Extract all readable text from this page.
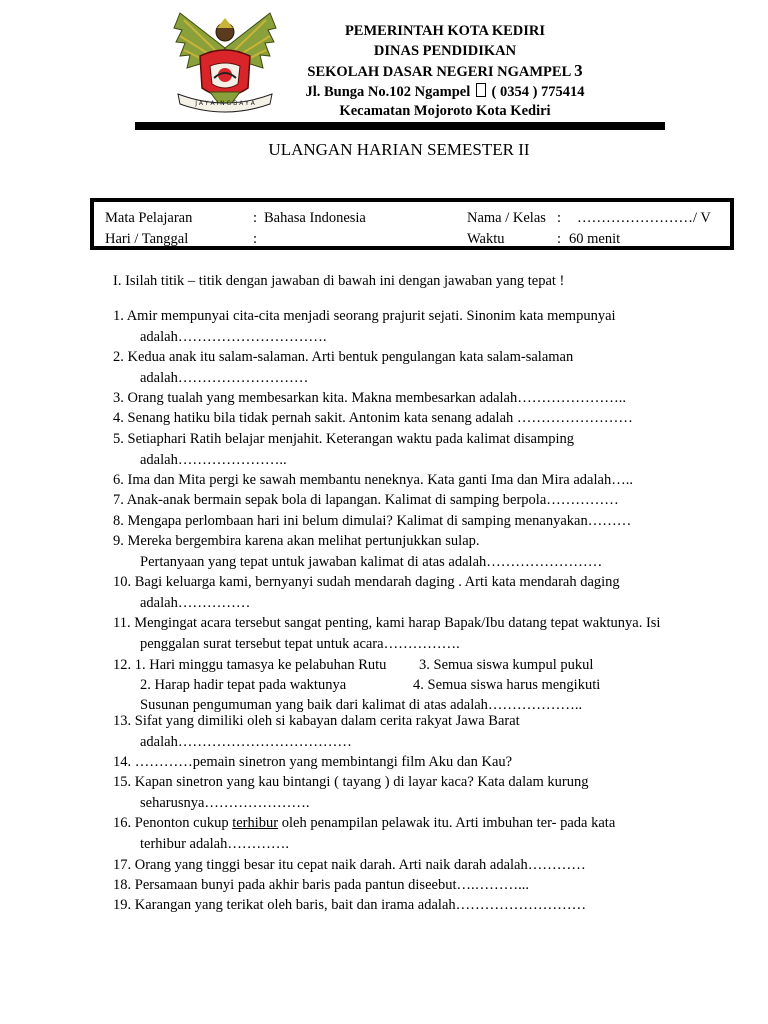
J A Y A I N G B A Y A
PEMERINTAH KOTA KEDIRI
DINAS PENDIDIKAN
SEKOLAH DASAR NEGERI NGAMPEL 3
Jl. Bunga No.102 Ngampel ( 0354 ) 775414
Kecamatan Mojoroto Kota Kediri
ULANGAN HARIAN SEMESTER II
Mata Pelajaran	: Bahasa Indonesia	Nama / Kelas : ……………………/ V
Hari / Tanggal	:	Waktu	: 60 menit
I. Isilah titik – titik dengan jawaban di bawah ini dengan jawaban yang tepat !
1. Amir mempunyai cita-cita menjadi seorang prajurit sejati. Sinonim kata mempunyai
adalah………………………….
2. Kedua anak itu salam-salaman. Arti bentuk pengulangan kata salam-salaman
adalah………………………
3. Orang tualah yang membesarkan kita. Makna membesarkan adalah…………………..
4. Senang hatiku bila tidak pernah sakit. Antonim kata senang adalah ……………………
5. Setiaphari Ratih belajar menjahit. Keterangan waktu pada kalimat disamping
adalah…………………..
6. Ima dan Mita pergi ke sawah membantu neneknya. Kata ganti Ima dan Mira adalah…..
7. Anak-anak bermain sepak bola di lapangan. Kalimat di samping berpola……………
8. Mengapa perlombaan hari ini belum dimulai? Kalimat di samping menanyakan………
9. Mereka bergembira karena akan melihat pertunjukkan sulap.
Pertanyaan yang tepat untuk jawaban kalimat di atas adalah……………………
10. Bagi keluarga kami, bernyanyi sudah mendarah daging . Arti kata mendarah daging
adalah……………
11. Mengingat acara tersebut sangat penting, kami harap Bapak/Ibu datang tepat waktunya. Isi
penggalan surat tersebut tepat untuk acara…………….
12. 1. Hari minggu tamasya ke pelabuhan Rutu 3. Semua siswa kumpul pukul
2. Harap hadir tepat pada waktunya	4. Semua siswa harus mengikuti
Susunan pengumuman yang baik dari kalimat di atas adalah………………..
13. Sifat yang dimiliki oleh si kabayan dalam cerita rakyat Jawa Barat
adalah………………………………
14. …………pemain sinetron yang membintangi film Aku dan Kau?
15. Kapan sinetron yang kau bintangi ( tayang ) di layar kaca? Kata dalam kurung
seharusnya………………….
16. Penonton cukup terhibur oleh penampilan pelawak itu. Arti imbuhan ter- pada kata
terhibur adalah………….
17. Orang yang tinggi besar itu cepat naik darah. Arti naik darah adalah…………
18. Persamaan bunyi pada akhir baris pada pantun diseebut….………...
19. Karangan yang terikat oleh baris, bait dan irama adalah………………………
